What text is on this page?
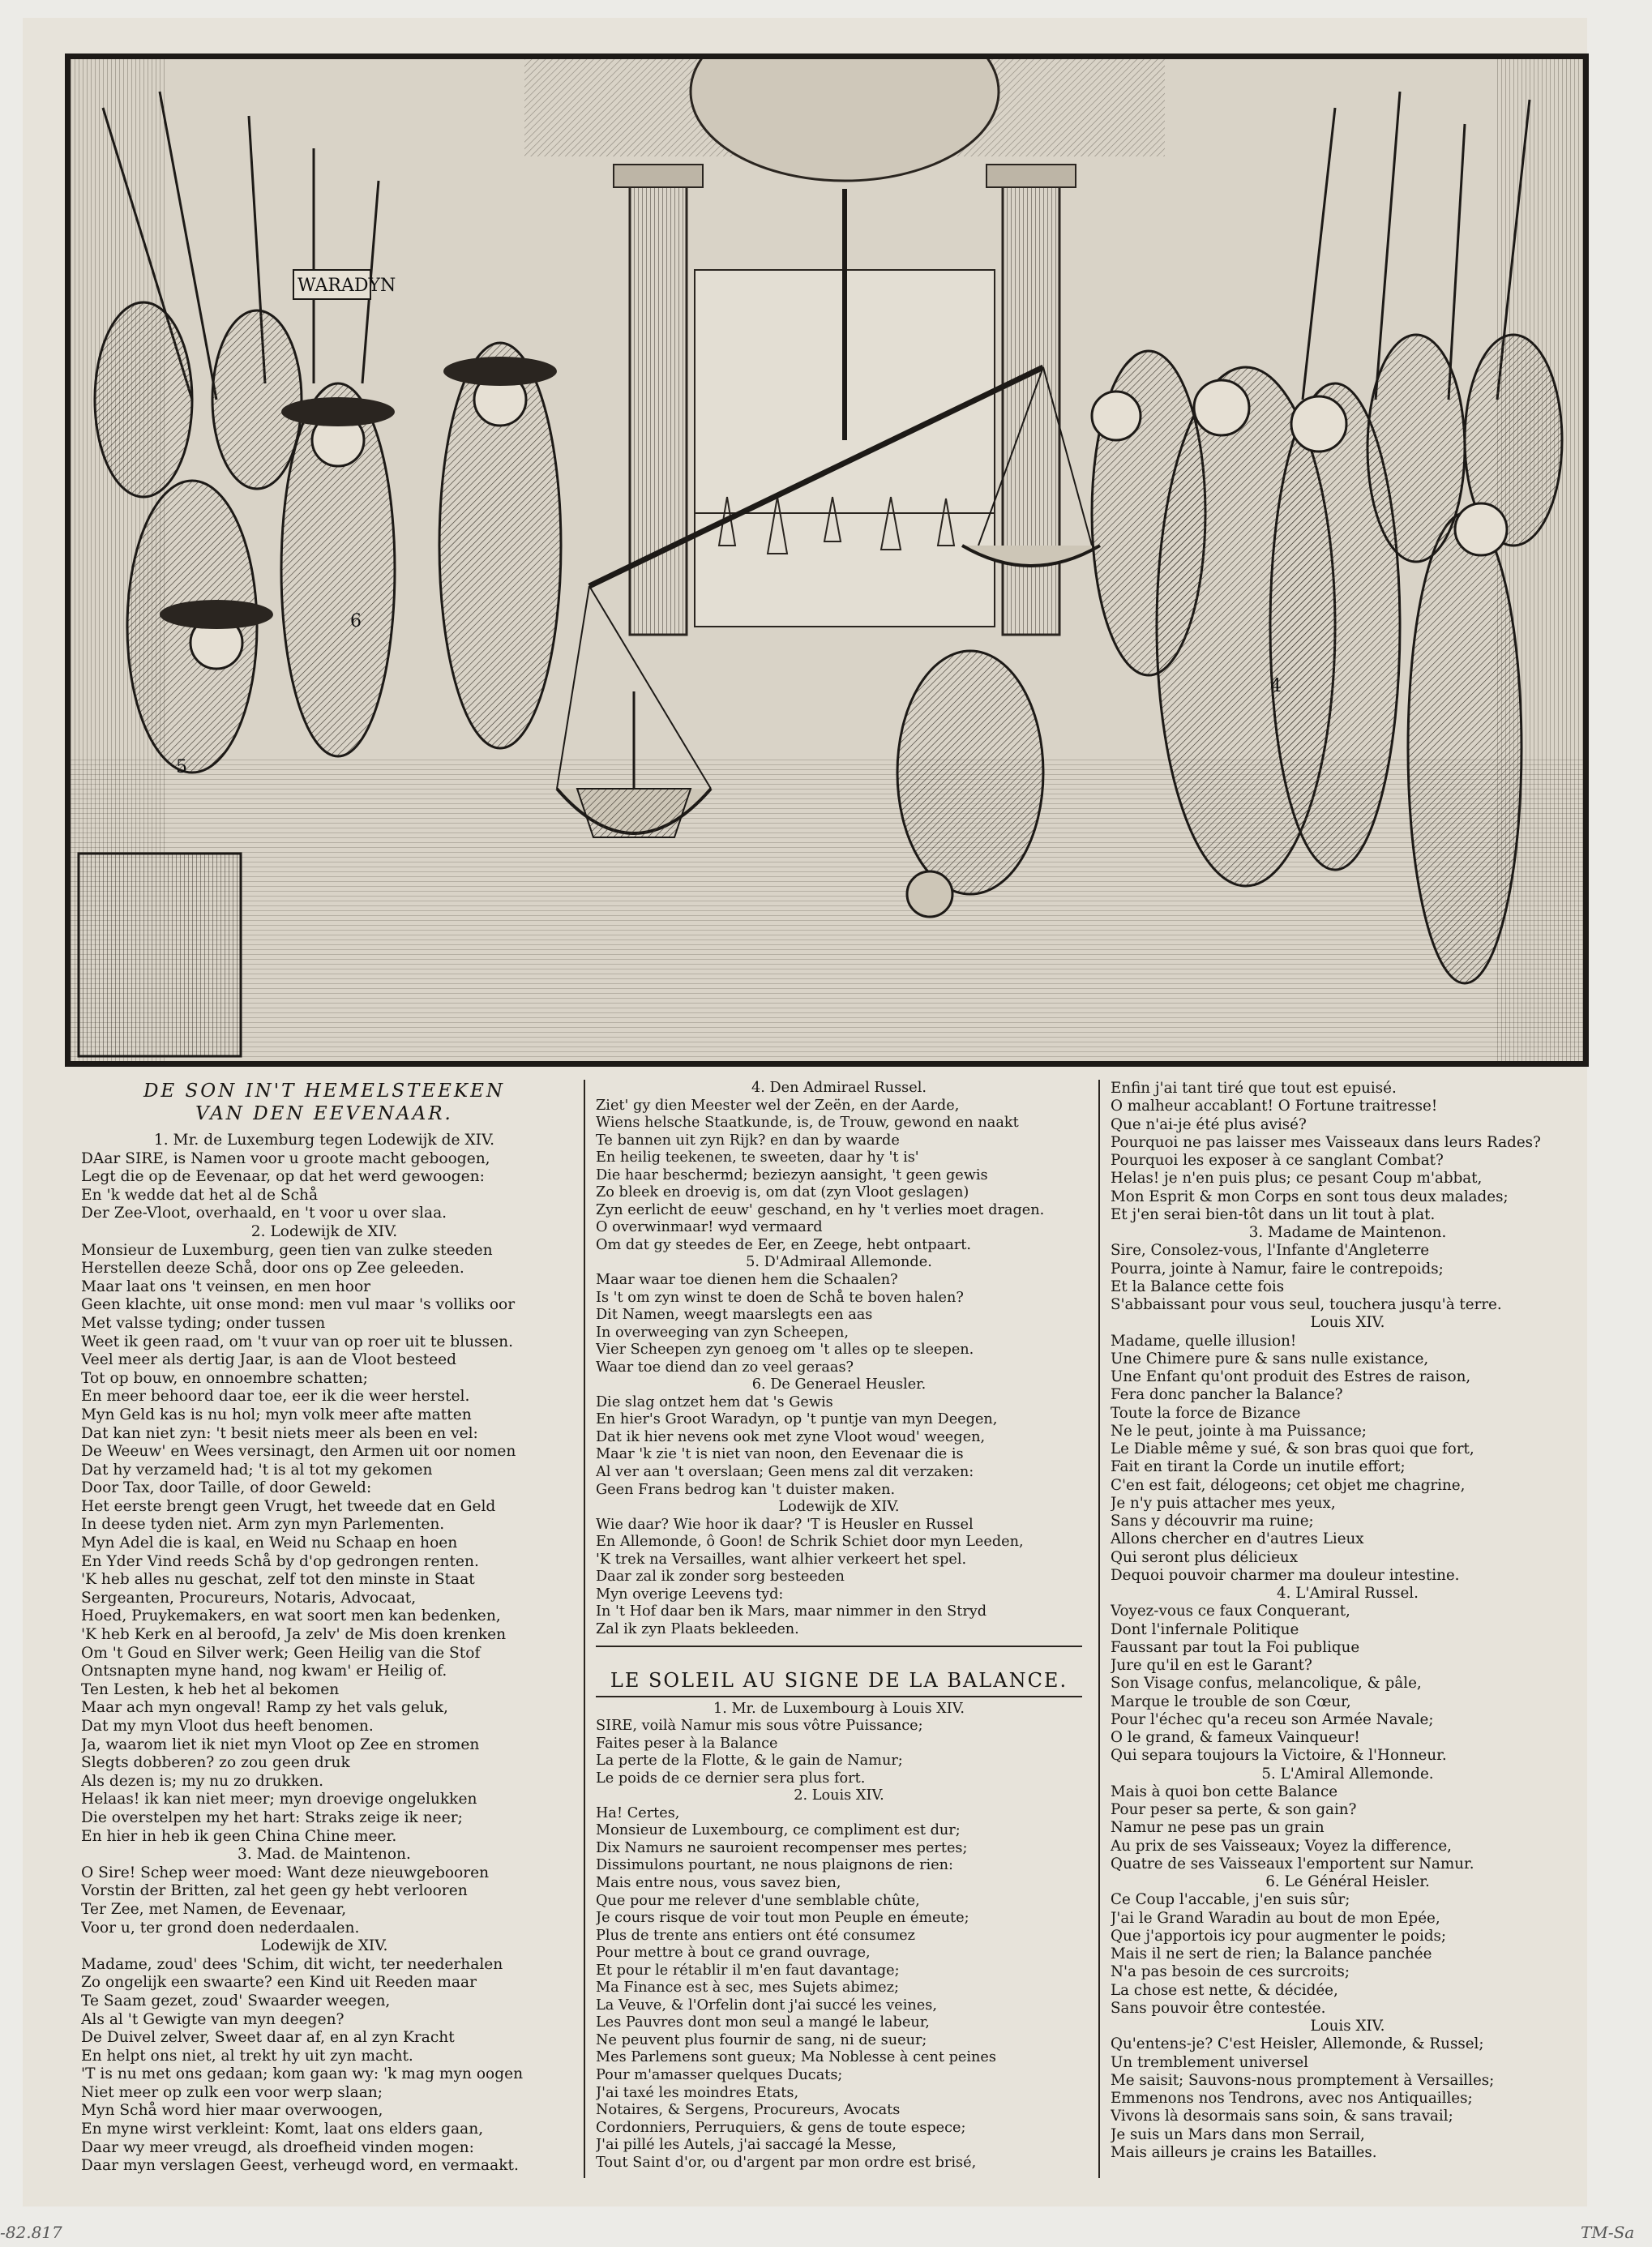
WARADYN
6
5
4
DE SON IN'T HEMELSTEEKEN
VAN DEN EEVENAAR.
1. Mr. de Luxemburg tegen Lodewijk de XIV.
DAar SIRE, is Namen voor u groote macht geboogen,
Legt die op de Eevenaar, op dat het werd gewoogen:
En 'k wedde dat het al de Schå
Der Zee-Vloot, overhaald, en 't voor u over slaa.
2. Lodewijk de XIV.
Monsieur de Luxemburg, geen tien van zulke steeden
Herstellen deeze Schå, door ons op Zee geleeden.
Maar laat ons 't veinsen, en men hoor
Geen klachte, uit onse mond: men vul maar 's volliks oor
Met valsse tyding; onder tussen
Weet ik geen raad, om 't vuur van op roer uit te blussen.
Veel meer als dertig Jaar, is aan de Vloot besteed
Tot op bouw, en onnoembre schatten;
En meer behoord daar toe, eer ik die weer herstel.
Myn Geld kas is nu hol; myn volk meer afte matten
Dat kan niet zyn: 't besit niets meer als been en vel:
De Weeuw' en Wees versinagt, den Armen uit oor nomen
Dat hy verzameld had; 't is al tot my gekomen
Door Tax, door Taille, of door Geweld:
Het eerste brengt geen Vrugt, het tweede dat en Geld
In deese tyden niet. Arm zyn myn Parlementen.
Myn Adel die is kaal, en Weid nu Schaap en hoen
En Yder Vind reeds Schå by d'op gedrongen renten.
'K heb alles nu geschat, zelf tot den minste in Staat
Sergeanten, Procureurs, Notaris, Advocaat,
Hoed, Pruykemakers, en wat soort men kan bedenken,
'K heb Kerk en al beroofd, Ja zelv' de Mis doen krenken
Om 't Goud en Silver werk; Geen Heilig van die Stof
Ontsnapten myne hand, nog kwam' er Heilig of.
Ten Lesten, k heb het al bekomen
Maar ach myn ongeval! Ramp zy het vals geluk,
Dat my myn Vloot dus heeft benomen.
Ja, waarom liet ik niet myn Vloot op Zee en stromen
Slegts dobberen? zo zou geen druk
Als dezen is; my nu zo drukken.
Helaas! ik kan niet meer; myn droevige ongelukken
Die overstelpen my het hart: Straks zeige ik neer;
En hier in heb ik geen China Chine meer.
3. Mad. de Maintenon.
O Sire! Schep weer moed: Want deze nieuwgebooren
Vorstin der Britten, zal het geen gy hebt verlooren
Ter Zee, met Namen, de Eevenaar,
Voor u, ter grond doen nederdaalen.
Lodewijk de XIV.
Madame, zoud' dees 'Schim, dit wicht, ter neederhalen
Zo ongelijk een swaarte? een Kind uit Reeden maar
Te Saam gezet, zoud' Swaarder weegen,
Als al 't Gewigte van myn deegen?
De Duivel zelver, Sweet daar af, en al zyn Kracht
En helpt ons niet, al trekt hy uit zyn macht.
'T is nu met ons gedaan; kom gaan wy: 'k mag myn oogen
Niet meer op zulk een voor werp slaan;
Myn Schå word hier maar overwoogen,
En myne wirst verkleint: Komt, laat ons elders gaan,
Daar wy meer vreugd, als droefheid vinden mogen:
Daar myn verslagen Geest, verheugd word, en vermaakt.
4. Den Admirael Russel.
Ziet' gy dien Meester wel der Zeën, en der Aarde,
Wiens helsche Staatkunde, is, de Trouw, gewond en naakt
Te bannen uit zyn Rijk? en dan by waarde
En heilig teekenen, te sweeten, daar hy 't is'
Die haar beschermd; beziezyn aansight, 't geen gewis
Zo bleek en droevig is, om dat (zyn Vloot geslagen)
Zyn eerlicht de eeuw' geschand, en hy 't verlies moet dragen.
O overwinmaar! wyd vermaard
Om dat gy steedes de Eer, en Zeege, hebt ontpaart.
5. D'Admiraal Allemonde.
Maar waar toe dienen hem die Schaalen?
Is 't om zyn winst te doen de Schå te boven halen?
Dit Namen, weegt maarslegts een aas
In overweeging van zyn Scheepen,
Vier Scheepen zyn genoeg om 't alles op te sleepen.
Waar toe diend dan zo veel geraas?
6. De Generael Heusler.
Die slag ontzet hem dat 's Gewis
En hier's Groot Waradyn, op 't puntje van myn Deegen,
Dat ik hier nevens ook met zyne Vloot woud' weegen,
Maar 'k zie 't is niet van noon, den Eevenaar die is
Al ver aan 't overslaan; Geen mens zal dit verzaken:
Geen Frans bedrog kan 't duister maken.
Lodewijk de XIV.
Wie daar? Wie hoor ik daar? 'T is Heusler en Russel
En Allemonde, ô Goon! de Schrik Schiet door myn Leeden,
'K trek na Versailles, want alhier verkeert het spel.
Daar zal ik zonder sorg besteeden
Myn overige Leevens tyd:
In 't Hof daar ben ik Mars, maar nimmer in den Stryd
Zal ik zyn Plaats bekleeden.
LE SOLEIL AU SIGNE DE LA BALANCE.
1. Mr. de Luxembourg à Louis XIV.
SIRE, voilà Namur mis sous vôtre Puissance;
Faites peser à la Balance
La perte de la Flotte, & le gain de Namur;
Le poids de ce dernier sera plus fort.
2. Louis XIV.
Ha! Certes,
Monsieur de Luxembourg, ce compliment est dur;
Dix Namurs ne sauroient recompenser mes pertes;
Dissimulons pourtant, ne nous plaignons de rien:
Mais entre nous, vous savez bien,
Que pour me relever d'une semblable chûte,
Je cours risque de voir tout mon Peuple en émeute;
Plus de trente ans entiers ont été consumez
Pour mettre à bout ce grand ouvrage,
Et pour le rétablir il m'en faut davantage;
Ma Finance est à sec, mes Sujets abimez;
La Veuve, & l'Orfelin dont j'ai succé les veines,
Les Pauvres dont mon seul a mangé le labeur,
Ne peuvent plus fournir de sang, ni de sueur;
Mes Parlemens sont gueux; Ma Noblesse à cent peines
Pour m'amasser quelques Ducats;
J'ai taxé les moindres Etats,
Notaires, & Sergens, Procureurs, Avocats
Cordonniers, Perruquiers, & gens de toute espece;
J'ai pillé les Autels, j'ai saccagé la Messe,
Tout Saint d'or, ou d'argent par mon ordre est brisé,
Enfin j'ai tant tiré que tout est epuisé.
O malheur accablant! O Fortune traitresse!
Que n'ai-je été plus avisé?
Pourquoi ne pas laisser mes Vaisseaux dans leurs Rades?
Pourquoi les exposer à ce sanglant Combat?
Helas! je n'en puis plus; ce pesant Coup m'abbat,
Mon Esprit & mon Corps en sont tous deux malades;
Et j'en serai bien-tôt dans un lit tout à plat.
3. Madame de Maintenon.
Sire, Consolez-vous, l'Infante d'Angleterre
Pourra, jointe à Namur, faire le contrepoids;
Et la Balance cette fois
S'abbaissant pour vous seul, touchera jusqu'à terre.
Louis XIV.
Madame, quelle illusion!
Une Chimere pure & sans nulle existance,
Une Enfant qu'ont produit des Estres de raison,
Fera donc pancher la Balance?
Toute la force de Bizance
Ne le peut, jointe à ma Puissance;
Le Diable même y sué, & son bras quoi que fort,
Fait en tirant la Corde un inutile effort;
C'en est fait, délogeons; cet objet me chagrine,
Je n'y puis attacher mes yeux,
Sans y découvrir ma ruine;
Allons chercher en d'autres Lieux
Qui seront plus délicieux
Dequoi pouvoir charmer ma douleur intestine.
4. L'Amiral Russel.
Voyez-vous ce faux Conquerant,
Dont l'infernale Politique
Faussant par tout la Foi publique
Jure qu'il en est le Garant?
Son Visage confus, melancolique, & pâle,
Marque le trouble de son Cœur,
Pour l'échec qu'a receu son Armée Navale;
O le grand, & fameux Vainqueur!
Qui separa toujours la Victoire, & l'Honneur.
5. L'Amiral Allemonde.
Mais à quoi bon cette Balance
Pour peser sa perte, & son gain?
Namur ne pese pas un grain
Au prix de ses Vaisseaux; Voyez la difference,
Quatre de ses Vaisseaux l'emportent sur Namur.
6. Le Général Heisler.
Ce Coup l'accable, j'en suis sûr;
J'ai le Grand Waradin au bout de mon Epée,
Que j'apportois icy pour augmenter le poids;
Mais il ne sert de rien; la Balance panchée
N'a pas besoin de ces surcroits;
La chose est nette, & décidée,
Sans pouvoir être contestée.
Louis XIV.
Qu'entens-je? C'est Heisler, Allemonde, & Russel;
Un tremblement universel
Me saisit; Sauvons-nous promptement à Versailles;
Emmenons nos Tendrons, avec nos Antiquailles;
Vivons là desormais sans soin, & sans travail;
Je suis un Mars dans mon Serrail,
Mais ailleurs je crains les Batailles.
-82.817	TM-Sa
